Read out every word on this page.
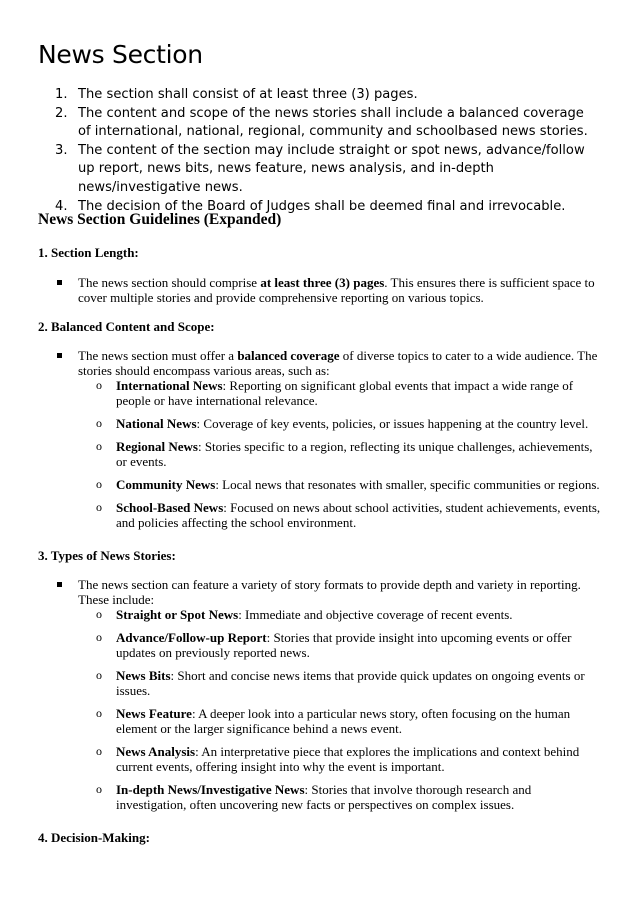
News Section
1. The section shall consist of at least three (3) pages.
2. The content and scope of the news stories shall include a balanced coverage of international, national, regional, community and schoolbased news stories.
3. The content of the section may include straight or spot news, advance/follow up report, news bits, news feature, news analysis, and in-depth news/investigative news.
4. The decision of the Board of Judges shall be deemed final and irrevocable.
News Section Guidelines (Expanded)
1. Section Length:
The news section should comprise at least three (3) pages. This ensures there is sufficient space to cover multiple stories and provide comprehensive reporting on various topics.
2. Balanced Content and Scope:
The news section must offer a balanced coverage of diverse topics to cater to a wide audience. The stories should encompass various areas, such as:
o International News: Reporting on significant global events that impact a wide range of people or have international relevance.
o National News: Coverage of key events, policies, or issues happening at the country level.
o Regional News: Stories specific to a region, reflecting its unique challenges, achievements, or events.
o Community News: Local news that resonates with smaller, specific communities or regions.
o School-Based News: Focused on news about school activities, student achievements, events, and policies affecting the school environment.
3. Types of News Stories:
The news section can feature a variety of story formats to provide depth and variety in reporting. These include:
o Straight or Spot News: Immediate and objective coverage of recent events.
o Advance/Follow-up Report: Stories that provide insight into upcoming events or offer updates on previously reported news.
o News Bits: Short and concise news items that provide quick updates on ongoing events or issues.
o News Feature: A deeper look into a particular news story, often focusing on the human element or the larger significance behind a news event.
o News Analysis: An interpretative piece that explores the implications and context behind current events, offering insight into why the event is important.
o In-depth News/Investigative News: Stories that involve thorough research and investigation, often uncovering new facts or perspectives on complex issues.
4. Decision-Making:
